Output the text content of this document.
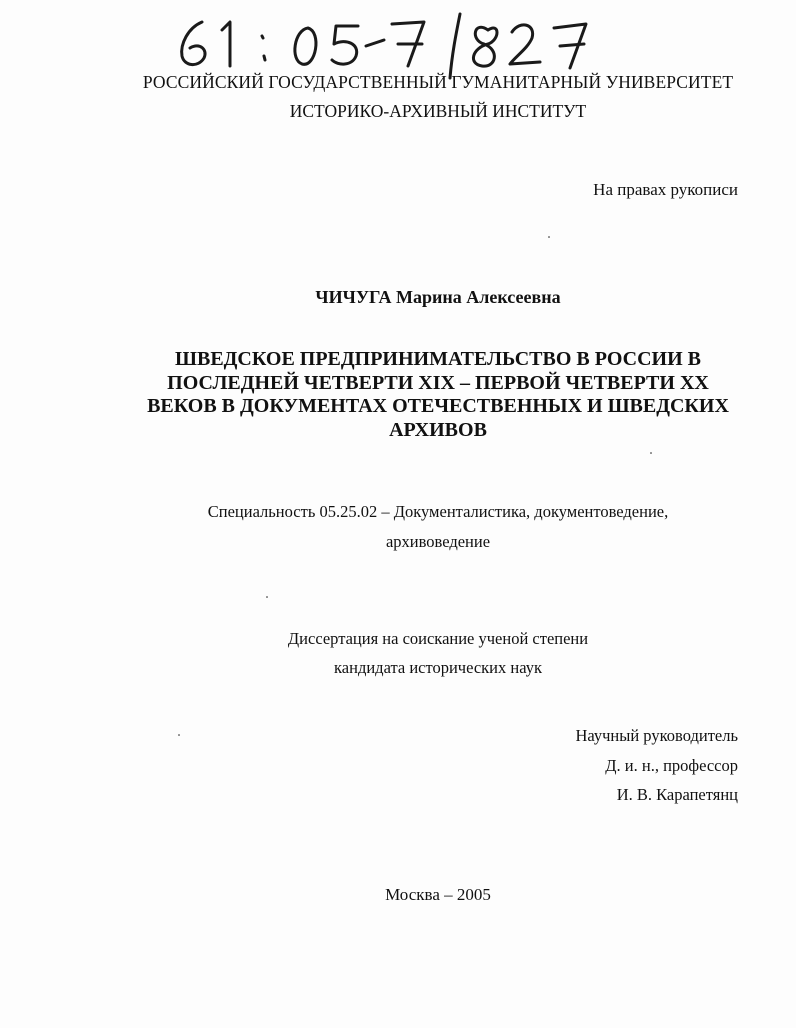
РОССИЙСКИЙ ГОСУДАРСТВЕННЫЙ ГУМАНИТАРНЫЙ УНИВЕРСИТЕТ
ИСТОРИКО-АРХИВНЫЙ ИНСТИТУТ
На правах рукописи
ЧИЧУГА Марина Алексеевна
ШВЕДСКОЕ ПРЕДПРИНИМАТЕЛЬСТВО В РОССИИ В
ПОСЛЕДНЕЙ ЧЕТВЕРТИ XIX – ПЕРВОЙ ЧЕТВЕРТИ XX
ВЕКОВ В ДОКУМЕНТАХ ОТЕЧЕСТВЕННЫХ И ШВЕДСКИХ
АРХИВОВ
Специальность 05.25.02 – Документалистика, документоведение,
архивоведение
Диссертация на соискание ученой степени
кандидата исторических наук
Научный руководитель
Д. и. н., профессор
И. В. Карапетянц
Москва – 2005
